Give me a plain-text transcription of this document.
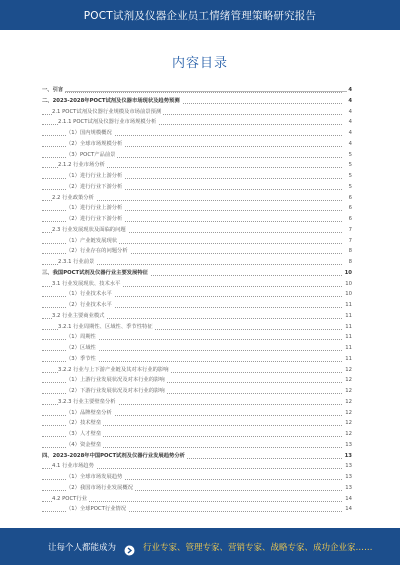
POCT试剂及仪器企业员工情绪管理策略研究报告
内容目录
一、引言	4
二、2023-2028年POCT试剂及仪器市场现状及趋势预测	4
2.1 POCT试剂及仪器行业规模及市场前景预测	4
2.1.1 POCT试剂及仪器行业市场规模分析	4
（1）国内规模概况	4
（2）全球市场规模分析	4
（3）POCT产品前景	5
2.1.2 行业市场分析	5
（1）进行行业上游分析	5
（2）进行行业下游分析	5
2.2 行业政策分析	6
（1）进行行业上游分析	6
（2）进行行业下游分析	6
2.3 行业发展现状及面临的问题	7
（1）产业链发展现状	7
（2）行业存在的问题分析	8
2.3.1 行业前景	8
三、我国POCT试剂及仪器行业主要发展特征	10
3.1 行业发展现状、技术水平	10
（1）行业技术水平	10
（2）行业技术水平	11
3.2 行业主要商业模式	11
3.2.1 行业周期性、区域性、季节性特征	11
（1）周期性	11
（2）区域性	11
（3）季节性	11
3.2.2 行业与上下游产业链及其对本行业的影响	12
（1）上游行业发展状况及对本行业的影响	12
（2）下游行业发展状况及对本行业的影响	12
3.2.3 行业主要壁垒分析	12
（1）品牌壁垒分析	12
（2）技术壁垒	12
（3）人才壁垒	12
（4）资金壁垒	13
四、2023-2028年中国POCT试剂及仪器行业发展趋势分析	13
4.1 行业市场趋势	13
（1）全球市场发展趋势	13
（2）我国市场行业发展概况	13
4.2 POCT行业	14
（1）全球POCT行业情况	14
让每个人都能成为	行业专家、管理专家、营销专家、战略专家、成功企业家……
